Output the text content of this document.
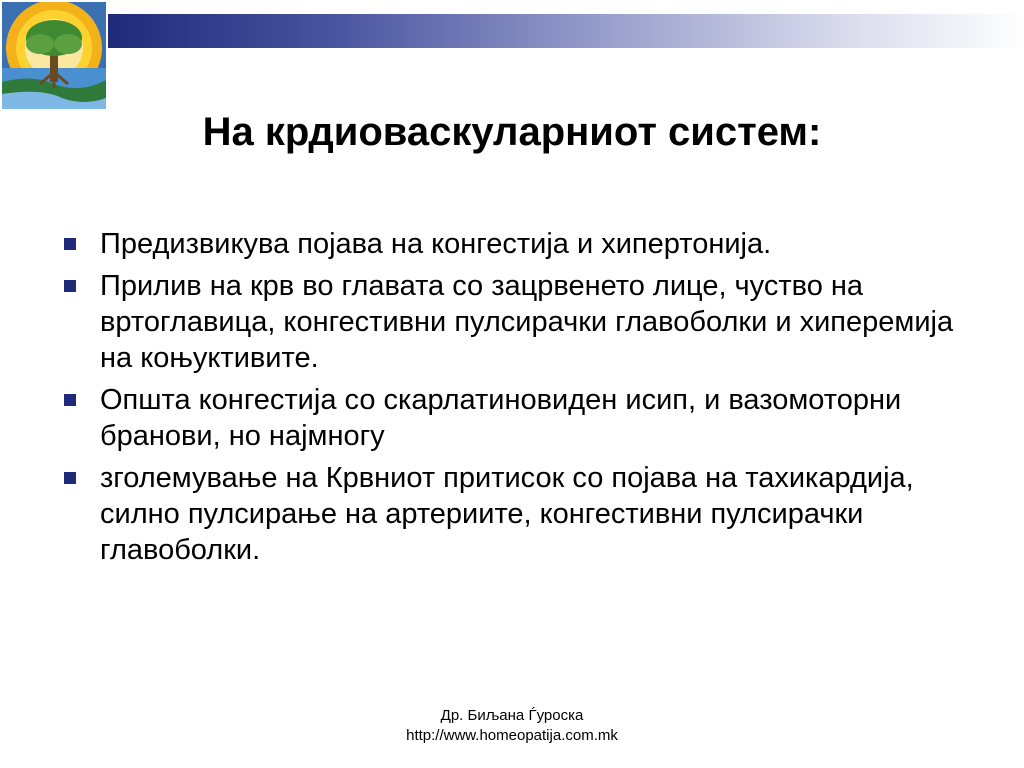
На крдиоваскуларниот систем:
Предизвикува појава на конгестија и хипертонија.
Прилив на крв во главата со зацрвенето лице, чуство на вртоглавица, конгестивни пулсирачки главоболки и хиперемија на коњуктивите.
Општа конгестија со скарлатиновиден исип, и вазомоторни бранови, но најмногу
зголемување на Крвниот притисок со појава на тахикардија, силно пулсирање на артериите, конгестивни пулсирачки главоболки.
Др. Биљана Ѓуроска
http://www.homeopatija.com.mk
